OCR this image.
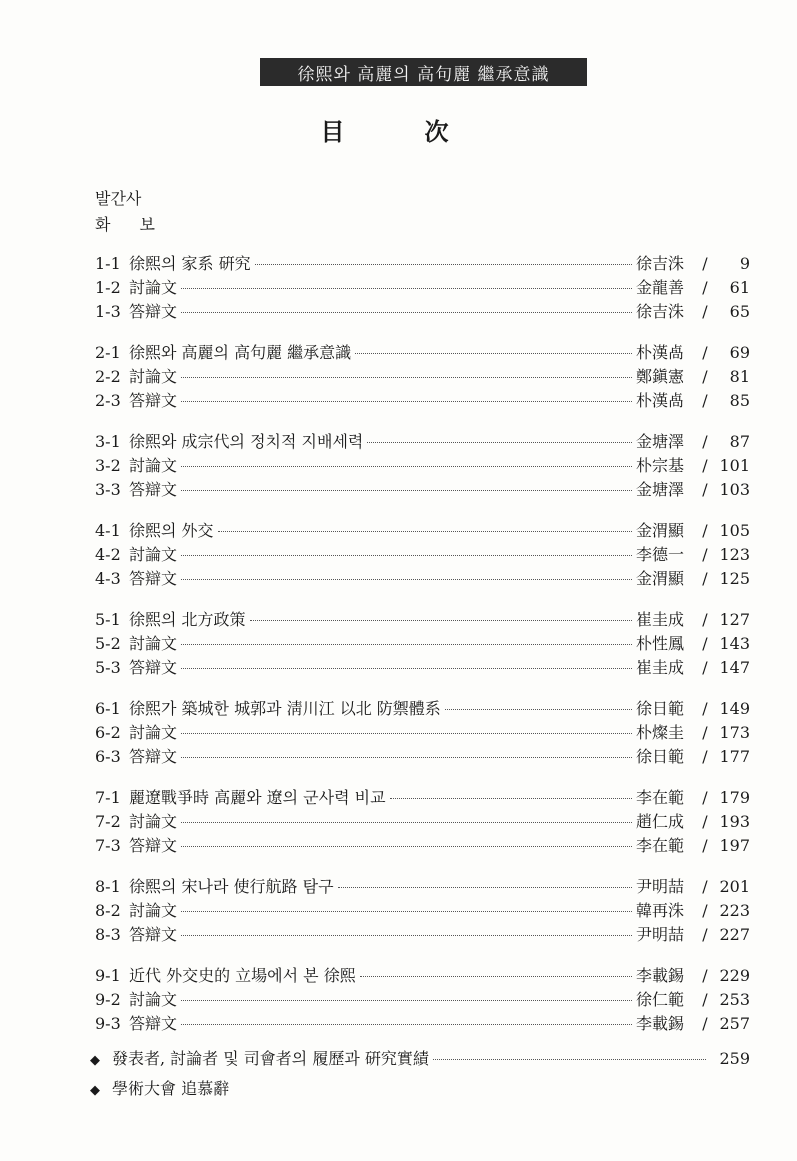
徐熙와 高麗의 高句麗 繼承意識
目　次
발간사
화 보
1-1 徐熙의 家系 硏究	徐吉洙	/	9
1-2 討論文	金龍善	/	61
1-3 答辯文	徐吉洙	/	65
2-1 徐熙와 高麗의 高句麗 繼承意識	朴漢卨	/	69
2-2 討論文	鄭鎭憲	/	81
2-3 答辯文	朴漢卨	/	85
3-1 徐熙와 成宗代의 정치적 지배세력	金塘澤	/	87
3-2 討論文	朴宗基	/ 101
3-3 答辯文	金塘澤	/ 103
4-1 徐熙의 外交	金渭顯	/ 105
4-2 討論文	李德一	/ 123
4-3 答辯文	金渭顯	/ 125
5-1 徐熙의 北方政策	崔圭成	/ 127
5-2 討論文	朴性鳳	/ 143
5-3 答辯文	崔圭成	/ 147
6-1 徐熙가 築城한 城郭과 淸川江 以北 防禦體系	徐日範	/ 149
6-2 討論文	朴燦圭	/ 173
6-3 答辯文	徐日範	/ 177
7-1 麗遼戰爭時 高麗와 遼의 군사력 비교	李在範	/ 179
7-2 討論文	趙仁成	/ 193
7-3 答辯文	李在範	/ 197
8-1 徐熙의 宋나라 使行航路 탐구	尹明喆	/ 201
8-2 討論文	韓再洙	/ 223
8-3 答辯文	尹明喆	/ 227
9-1 近代 外交史的 立場에서 본 徐熙	李載錫	/ 229
9-2 討論文	徐仁範	/ 253
9-3 答辯文	李載錫	/ 257
◆ 發表者, 討論者 및 司會者의 履歷과 硏究實績	259
◆ 學術大會 追慕辭
